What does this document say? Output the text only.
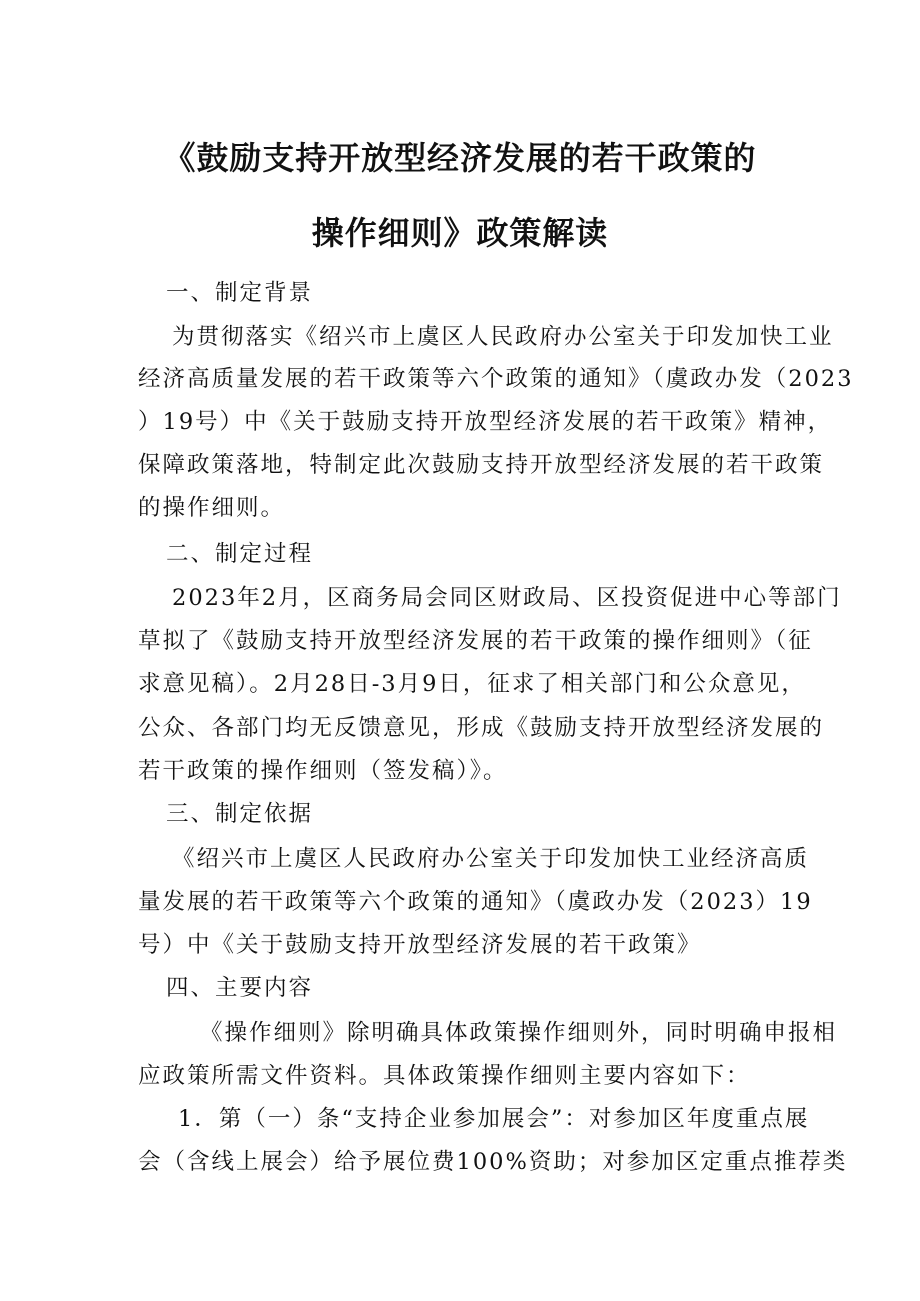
《鼓励支持开放型经济发展的若干政策的
操作细则》政策解读
一、制定背景
为贯彻落实《绍兴市上虞区人民政府办公室关于印发加快工业
经济高质量发展的若干政策等六个政策的通知》（虞政办发（2023
）19号）中《关于鼓励支持开放型经济发展的若干政策》精神，
保障政策落地，特制定此次鼓励支持开放型经济发展的若干政策
的操作细则。
二、制定过程
2023年2月，区商务局会同区财政局、区投资促进中心等部门
草拟了《鼓励支持开放型经济发展的若干政策的操作细则》（征
求意见稿）。2月28日-3月9日，征求了相关部门和公众意见，
公众、各部门均无反馈意见，形成《鼓励支持开放型经济发展的
若干政策的操作细则（签发稿）》。
三、制定依据
《绍兴市上虞区人民政府办公室关于印发加快工业经济高质
量发展的若干政策等六个政策的通知》（虞政办发（2023）19
号）中《关于鼓励支持开放型经济发展的若干政策》
四、主要内容
《操作细则》除明确具体政策操作细则外，同时明确申报相
应政策所需文件资料。具体政策操作细则主要内容如下：
1．第（一）条“支持企业参加展会”：对参加区年度重点展
会（含线上展会）给予展位费100%资助；对参加区定重点推荐类
